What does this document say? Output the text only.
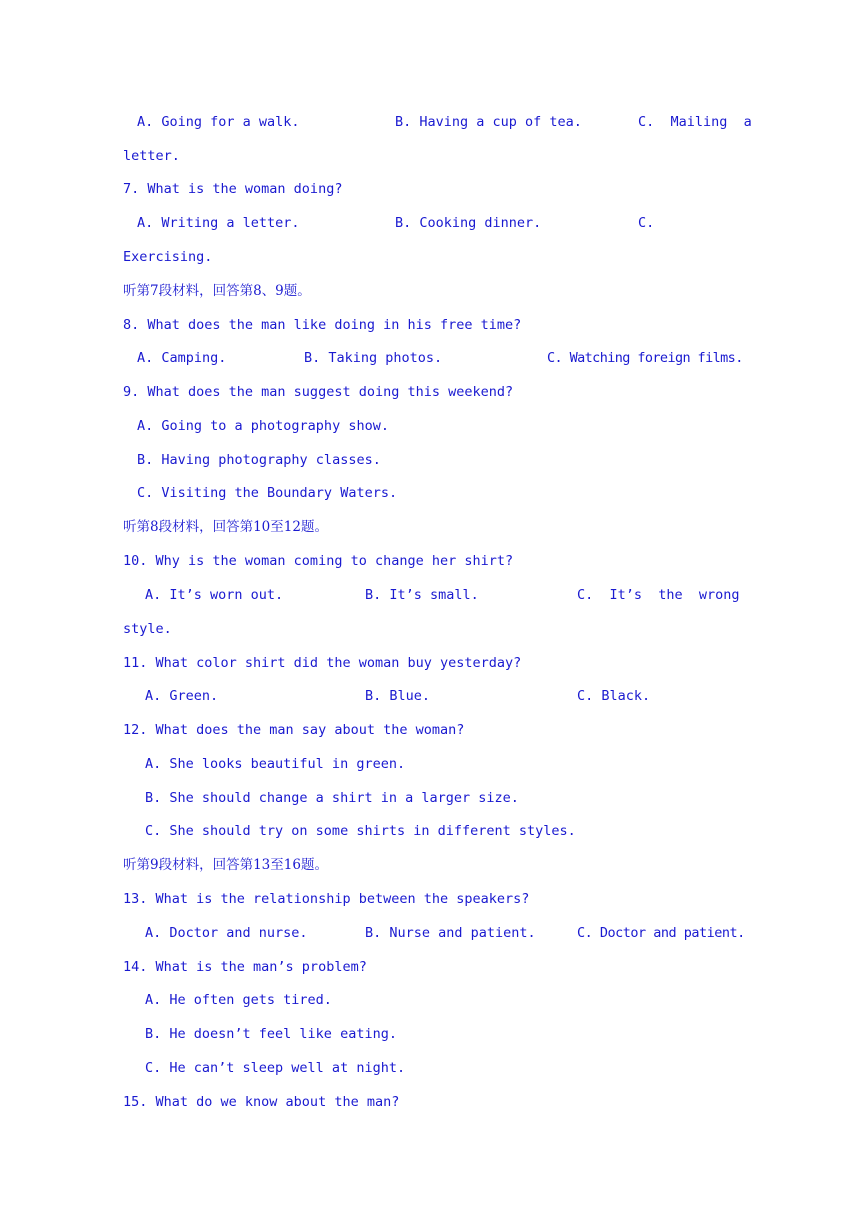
A. Going for a walk.	B. Having a cup of tea.	C.  Mailing  a
letter.
7. What is the woman doing?
A. Writing a letter.	B. Cooking dinner.	C.
Exercising.
听第7段材料，回答第8、9题。
8. What does the man like doing in his free time?
A. Camping.	B. Taking photos.	C. Watching foreign films.
9. What does the man suggest doing this weekend?
A. Going to a photography show.
B. Having photography classes.
C. Visiting the Boundary Waters.
听第8段材料，回答第10至12题。
10. Why is the woman coming to change her shirt?
A. It’s worn out.	B. It’s small.	C.  It’s  the  wrong
style.
11. What color shirt did the woman buy yesterday?
A. Green.	B. Blue.	C. Black.
12. What does the man say about the woman?
A. She looks beautiful in green.
B. She should change a shirt in a larger size.
C. She should try on some shirts in different styles.
听第9段材料，回答第13至16题。
13. What is the relationship between the speakers?
A. Doctor and nurse.	B. Nurse and patient.	C. Doctor and patient.
14. What is the man’s problem?
A. He often gets tired.
B. He doesn’t feel like eating.
C. He can’t sleep well at night.
15. What do we know about the man?
